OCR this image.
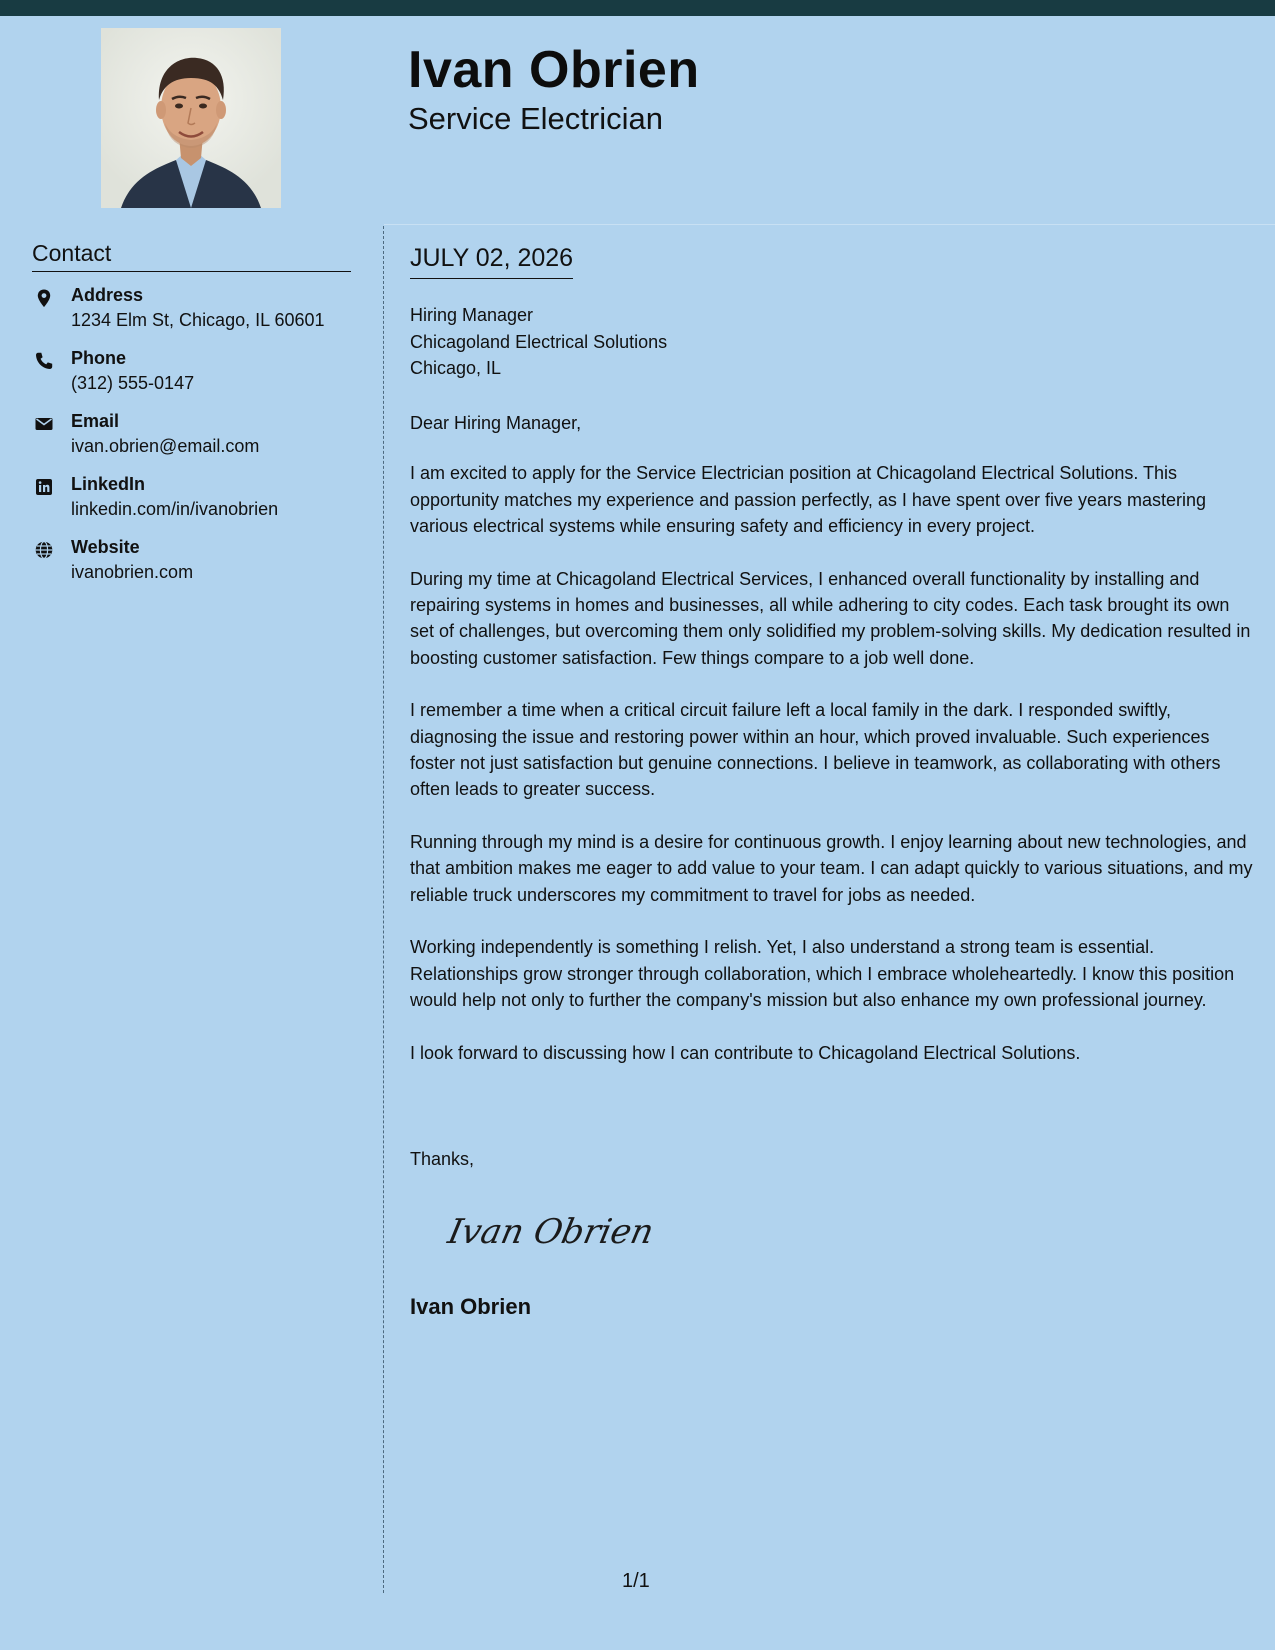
Ivan Obrien
Service Electrician
Contact
Address
1234 Elm St, Chicago, IL 60601
Phone
(312) 555-0147
Email
ivan.obrien@email.com
LinkedIn
linkedin.com/in/ivanobrien
Website
ivanobrien.com
JULY 02, 2026
Hiring Manager
Chicagoland Electrical Solutions
Chicago, IL

Dear Hiring Manager,

I am excited to apply for the Service Electrician position at Chicagoland Electrical Solutions. This opportunity matches my experience and passion perfectly, as I have spent over five years mastering various electrical systems while ensuring safety and efficiency in every project.

During my time at Chicagoland Electrical Services, I enhanced overall functionality by installing and repairing systems in homes and businesses, all while adhering to city codes. Each task brought its own set of challenges, but overcoming them only solidified my problem-solving skills. My dedication resulted in boosting customer satisfaction. Few things compare to a job well done.

I remember a time when a critical circuit failure left a local family in the dark. I responded swiftly, diagnosing the issue and restoring power within an hour, which proved invaluable. Such experiences foster not just satisfaction but genuine connections. I believe in teamwork, as collaborating with others often leads to greater success.

Running through my mind is a desire for continuous growth. I enjoy learning about new technologies, and that ambition makes me eager to add value to your team. I can adapt quickly to various situations, and my reliable truck underscores my commitment to travel for jobs as needed.

Working independently is something I relish. Yet, I also understand a strong team is essential. Relationships grow stronger through collaboration, which I embrace wholeheartedly. I know this position would help not only to further the company's mission but also enhance my own professional journey.

I look forward to discussing how I can contribute to Chicagoland Electrical Solutions.

Thanks,
Ivan Obrien
Ivan Obrien
1/1
